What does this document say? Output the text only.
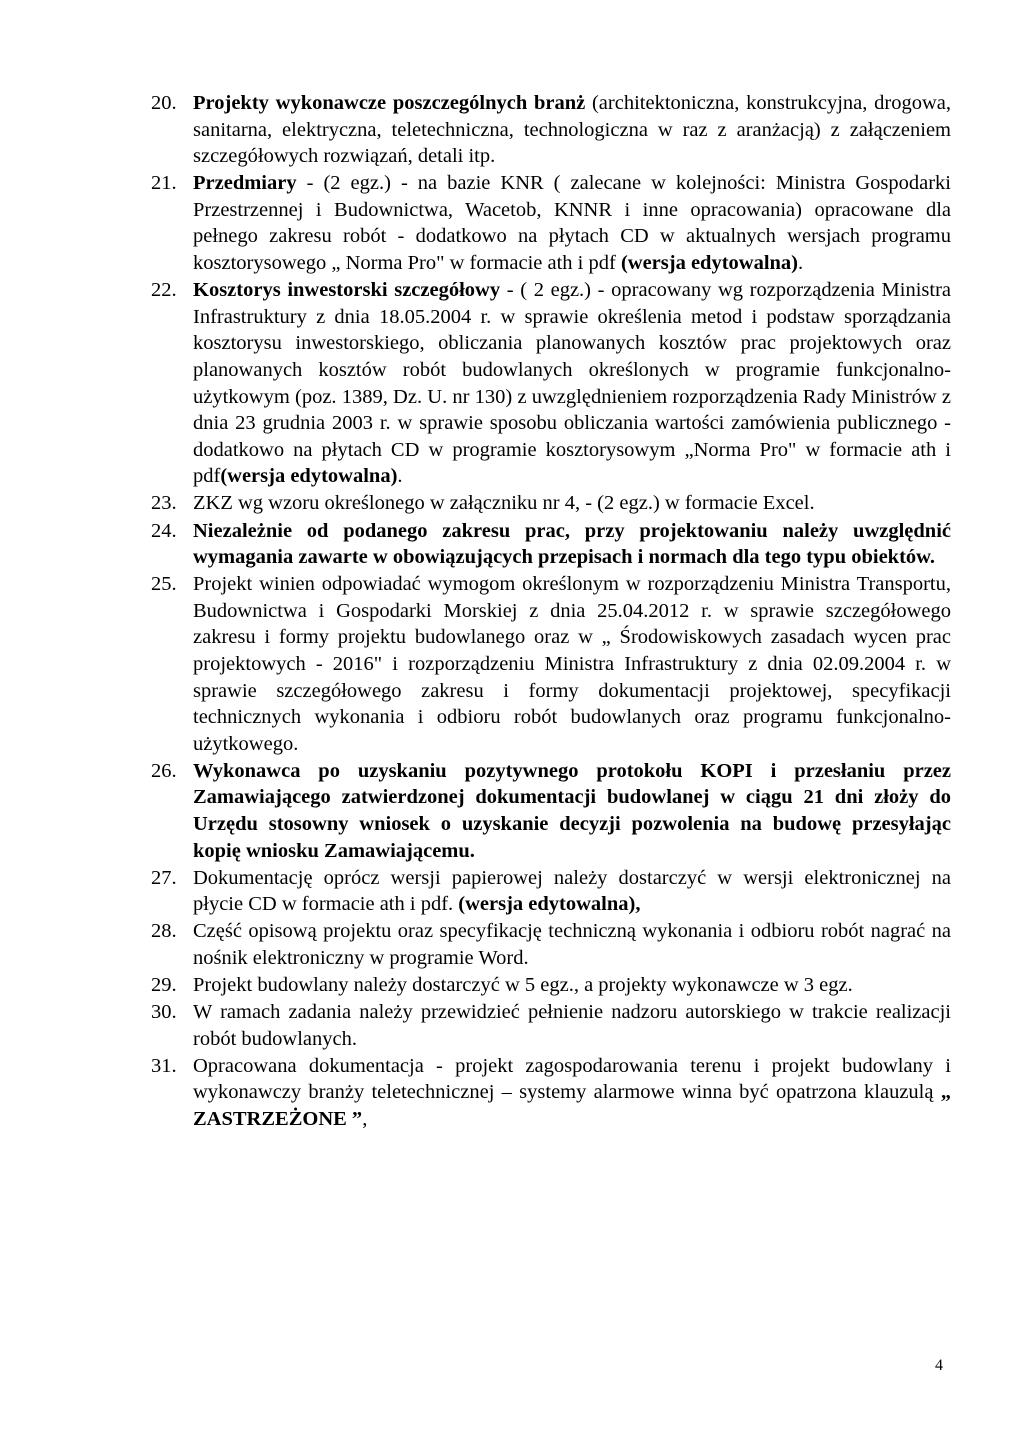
20. Projekty wykonawcze poszczególnych branż (architektoniczna, konstrukcyjna, drogowa, sanitarna, elektryczna, teletechniczna, technologiczna w raz z aranżacją) z załączeniem szczegółowych rozwiązań, detali itp.
21. Przedmiary - (2 egz.) - na bazie KNR ( zalecane w kolejności: Ministra Gospodarki Przestrzennej i Budownictwa, Wacetob, KNNR i inne opracowania) opracowane dla pełnego zakresu robót - dodatkowo na płytach CD w aktualnych wersjach programu kosztorysowego „ Norma Pro" w formacie ath i pdf (wersja edytowalna).
22. Kosztorys inwestorski szczegółowy - ( 2 egz.) - opracowany wg rozporządzenia Ministra Infrastruktury z dnia 18.05.2004 r. w sprawie określenia metod i podstaw sporządzania kosztorysu inwestorskiego, obliczania planowanych kosztów prac projektowych oraz planowanych kosztów robót budowlanych określonych w programie funkcjonalno-użytkowym (poz. 1389, Dz. U. nr 130) z uwzględnieniem rozporządzenia Rady Ministrów z dnia 23 grudnia 2003 r. w sprawie sposobu obliczania wartości zamówienia publicznego - dodatkowo na płytach CD w programie kosztorysowym „Norma Pro" w formacie ath i pdf(wersja edytowalna).
23. ZKZ wg wzoru określonego w załączniku nr 4, - (2 egz.) w formacie Excel.
24. Niezależnie od podanego zakresu prac, przy projektowaniu należy uwzględnić wymagania zawarte w obowiązujących przepisach i normach dla tego typu obiektów.
25. Projekt winien odpowiadać wymogom określonym w rozporządzeniu Ministra Transportu, Budownictwa i Gospodarki Morskiej z dnia 25.04.2012 r. w sprawie szczegółowego zakresu i formy projektu budowlanego oraz w „ Środowiskowych zasadach wycen prac projektowych - 2016" i rozporządzeniu Ministra Infrastruktury z dnia 02.09.2004 r. w sprawie szczegółowego zakresu i formy dokumentacji projektowej, specyfikacji technicznych wykonania i odbioru robót budowlanych oraz programu funkcjonalno-użytkowego.
26. Wykonawca po uzyskaniu pozytywnego protokołu KOPI i przesłaniu przez Zamawiającego zatwierdzonej dokumentacji budowlanej w ciągu 21 dni złoży do Urzędu stosowny wniosek o uzyskanie decyzji pozwolenia na budowę przesyłając kopię wniosku Zamawiającemu.
27. Dokumentację oprócz wersji papierowej należy dostarczyć w wersji elektronicznej na płycie CD w formacie ath i pdf. (wersja edytowalna),
28. Część opisową projektu oraz specyfikację techniczną wykonania i odbioru robót nagrać na nośnik elektroniczny w programie Word.
29. Projekt budowlany należy dostarczyć w 5 egz., a projekty wykonawcze w 3 egz.
30. W ramach zadania należy przewidzieć pełnienie nadzoru autorskiego w trakcie realizacji robót budowlanych.
31. Opracowana dokumentacja - projekt zagospodarowania terenu i projekt budowlany i wykonawczy branży teletechnicznej – systemy alarmowe winna być opatrzona klauzulą „ ZASTRZEŻONE ”,
4
